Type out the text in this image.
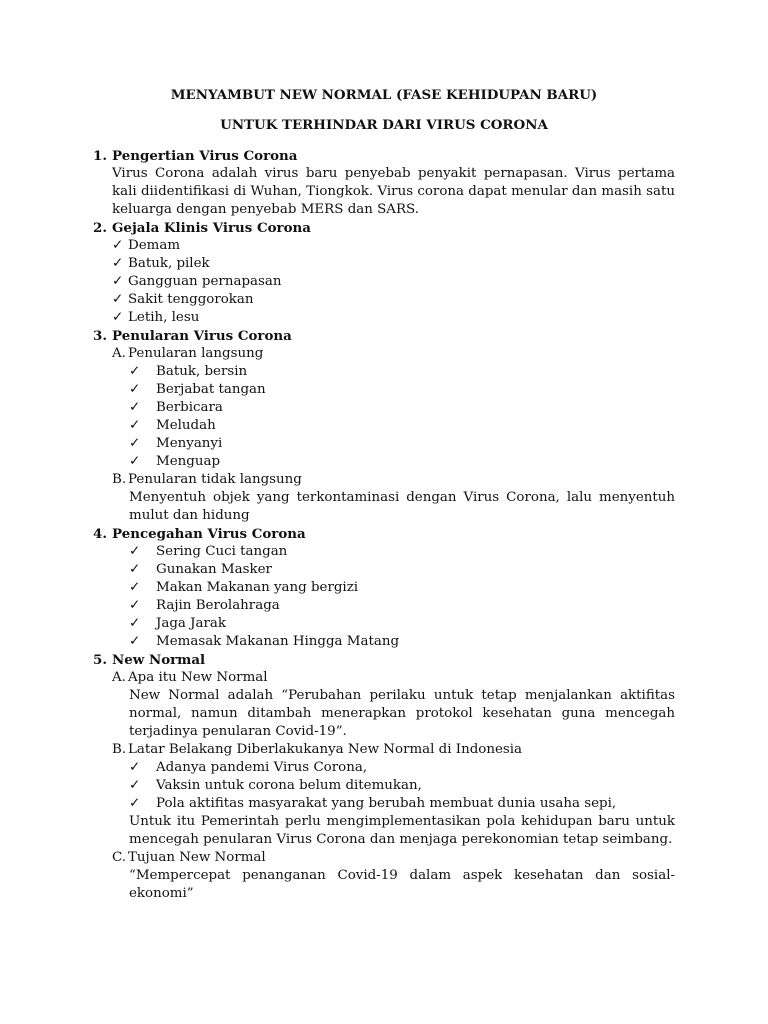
MENYAMBUT NEW NORMAL (FASE KEHIDUPAN BARU)
UNTUK TERHINDAR DARI VIRUS CORONA
1. Pengertian Virus Corona
Virus Corona adalah virus baru penyebab penyakit pernapasan. Virus pertama kali diidentifikasi di Wuhan, Tiongkok. Virus corona dapat menular dan masih satu keluarga dengan penyebab MERS dan SARS.
2. Gejala Klinis Virus Corona
✓ Demam
✓ Batuk, pilek
✓ Gangguan pernapasan
✓ Sakit tenggorokan
✓ Letih, lesu
3. Penularan Virus Corona
A. Penularan langsung
✓ Batuk, bersin
✓ Berjabat tangan
✓ Berbicara
✓ Meludah
✓ Menyanyi
✓ Menguap
B. Penularan tidak langsung
Menyentuh objek yang terkontaminasi dengan Virus Corona, lalu menyentuh mulut dan hidung
4. Pencegahan Virus Corona
✓ Sering Cuci tangan
✓ Gunakan Masker
✓ Makan Makanan yang bergizi
✓ Rajin Berolahraga
✓ Jaga Jarak
✓ Memasak Makanan Hingga Matang
5. New Normal
A. Apa itu New Normal
New Normal adalah “Perubahan perilaku untuk tetap menjalankan aktifitas normal, namun ditambah menerapkan protokol kesehatan guna mencegah terjadinya penularan Covid-19”.
B. Latar Belakang Diberlakukanya New Normal di Indonesia
✓ Adanya pandemi Virus Corona,
✓ Vaksin untuk corona belum ditemukan,
✓ Pola aktifitas masyarakat yang berubah membuat dunia usaha sepi,
Untuk itu Pemerintah perlu mengimplementasikan pola kehidupan baru untuk mencegah penularan Virus Corona dan menjaga perekonomian tetap seimbang.
C. Tujuan New Normal
“Mempercepat penanganan Covid-19 dalam aspek kesehatan dan sosial-ekonomi”
